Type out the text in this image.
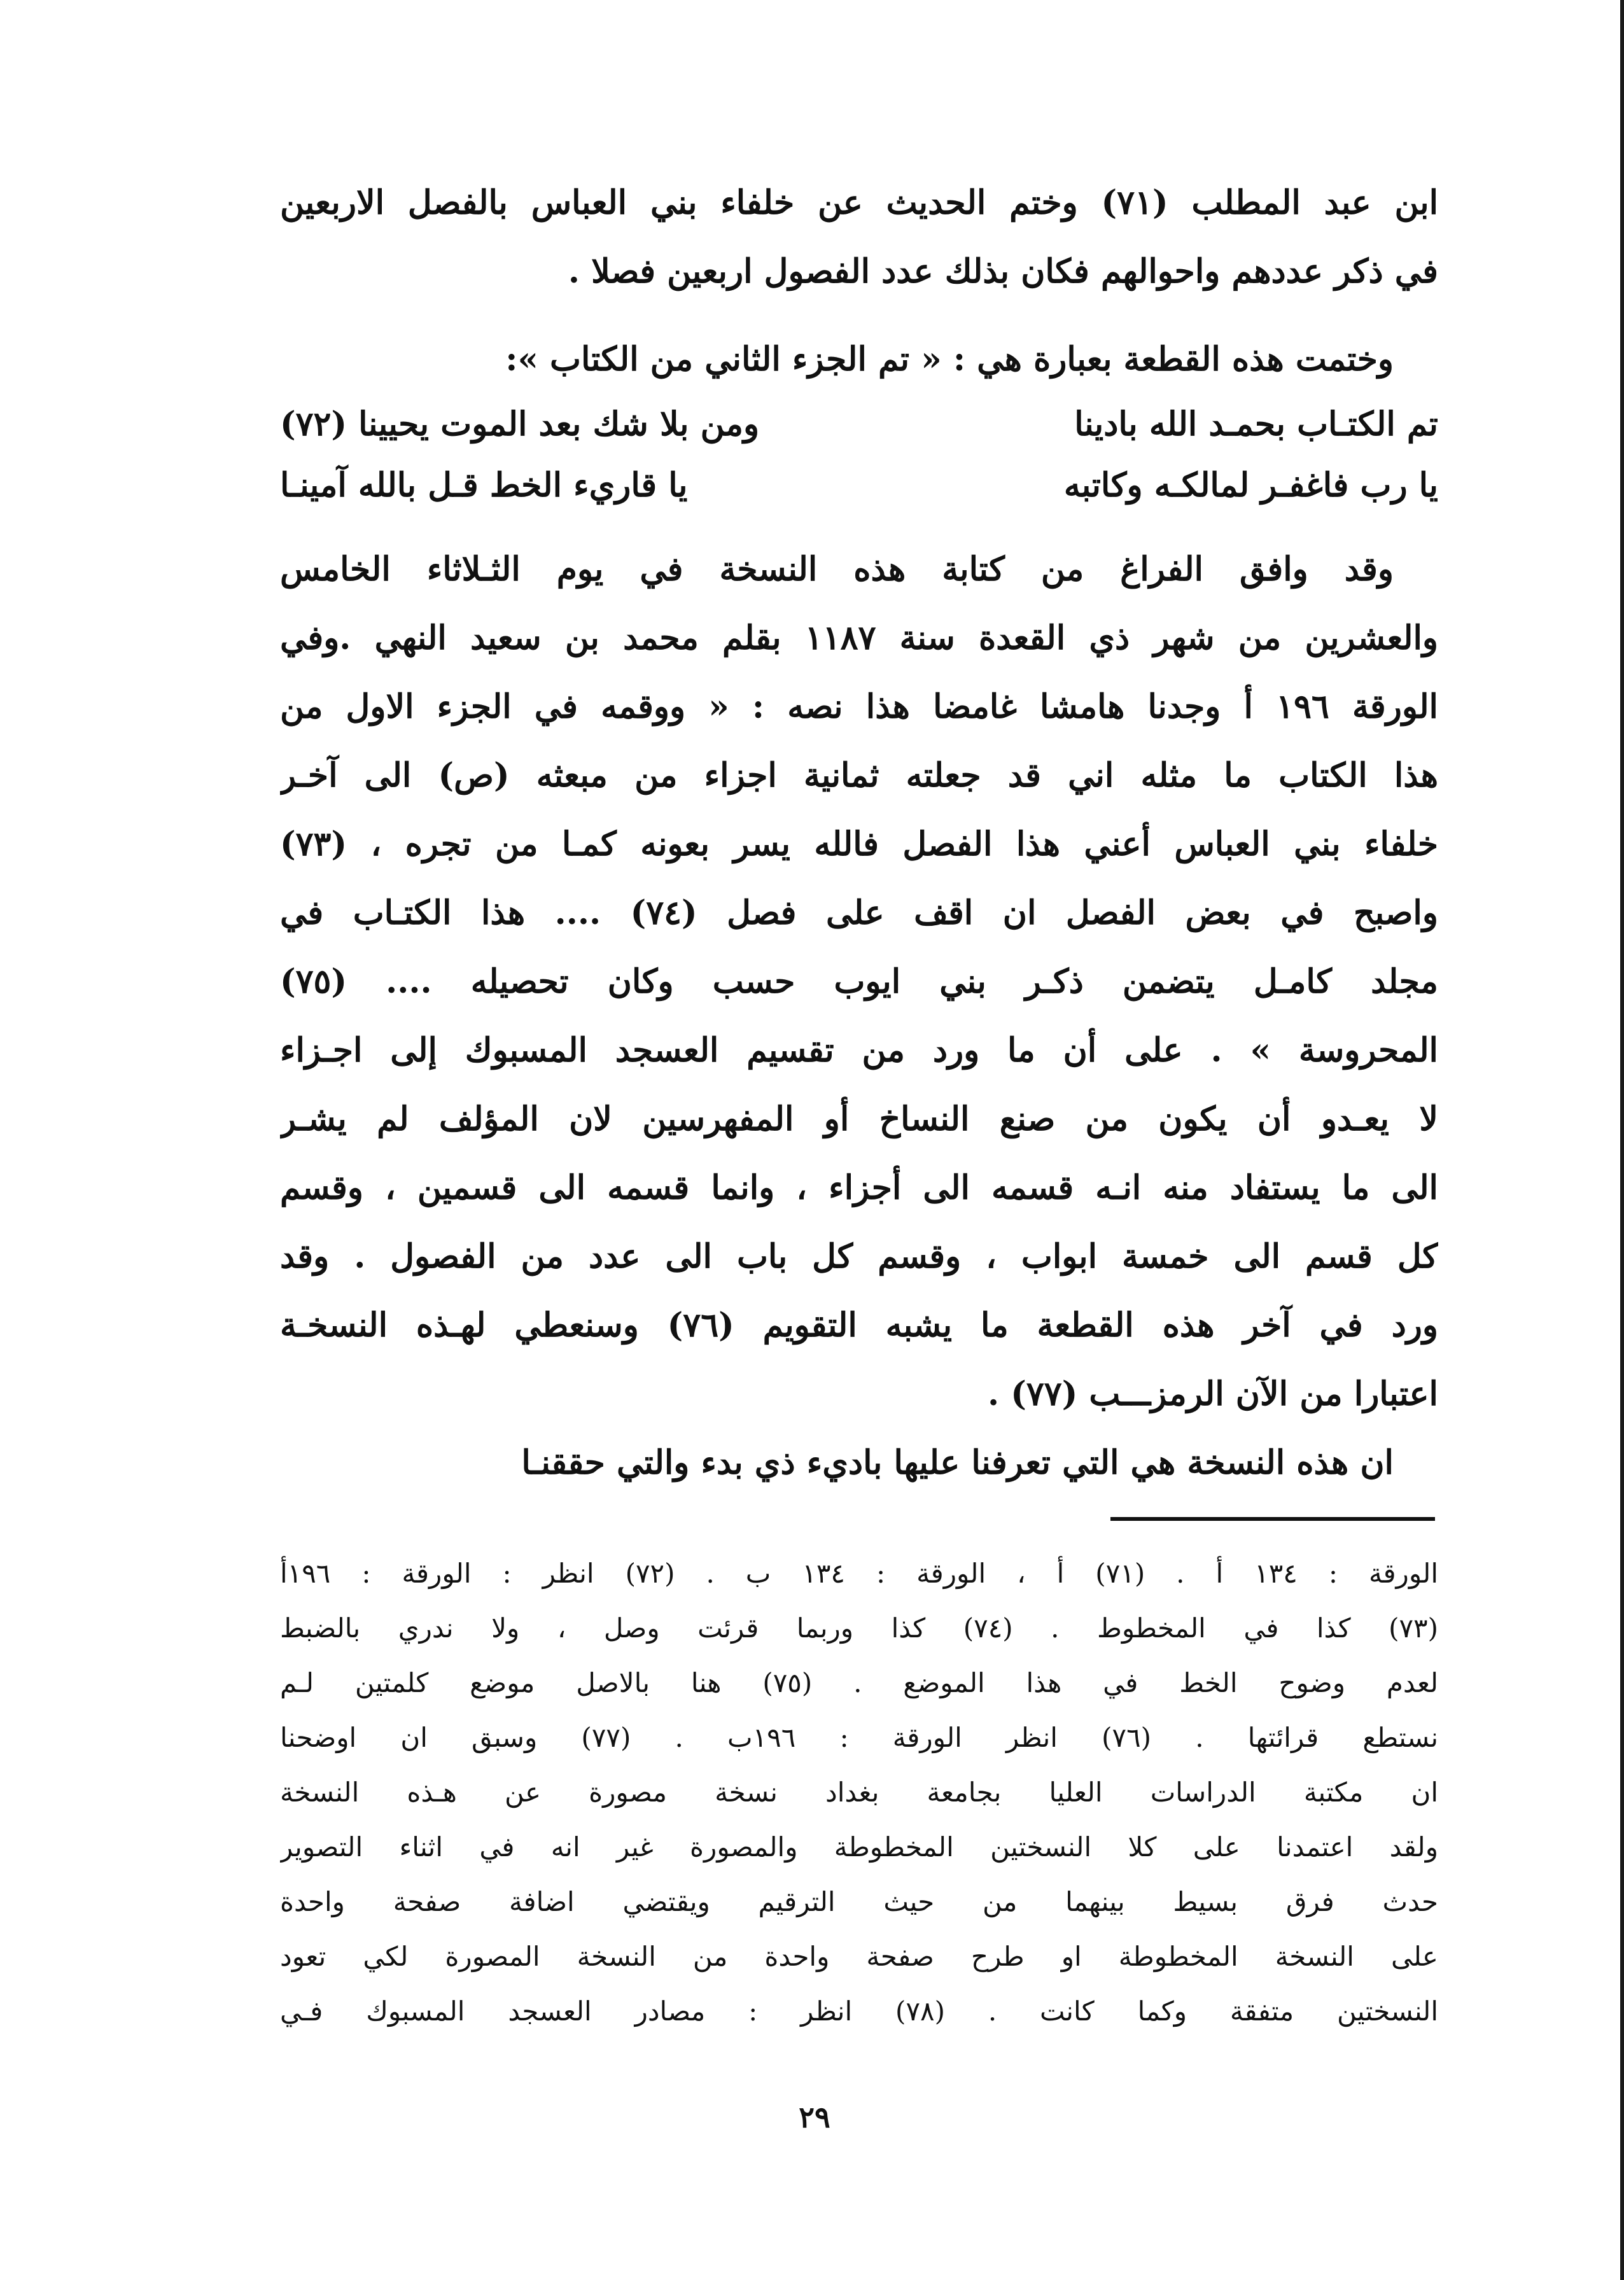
ابن عبد المطلب (٧١) وختم الحديث عن خلفاء بني العباس بالفصل الاربعين
في ذكر عددهم واحوالهم فكان بذلك عدد الفصول اربعين فصلا .
وختمت هذه القطعة بعبارة هي : « تم الجزء الثاني من الكتاب »:
تم الكتـاب بحمـد الله بادينا
ومن بلا شك بعد الموت يحيينا (٧٢)
يا رب فاغفـر لمالكـه وكاتبه
يا قاريء الخط قـل بالله آمينـا
وقد وافق الفراغ من كتابة هذه النسخة في يوم الثـلاثاء الخامس
والعشرين من شهر ذي القعدة سنة ١١٨٧ بقلم محمد بن سعيد النهي .وفي
الورقة ١٩٦ أ وجدنا هامشا غامضا هذا نصه : « ووقمه في الجزء الاول من
هذا الكتاب ما مثله اني قد جعلته ثمانية اجزاء من مبعثه (ص) الى آخـر
خلفاء بني العباس أعني هذا الفصل فالله يسر بعونه كمـا من تجره ، (٧٣)
واصبح في بعض الفصل ان اقف على فصل (٧٤) .... هذا الكتـاب في
مجلد كامـل يتضمن ذكـر بني ايوب حسب وكان تحصيله .... (٧٥)
المحروسة » . على أن ما ورد من تقسيم العسجد المسبوك إلى اجـزاء
لا يعـدو أن يكون من صنع النساخ أو المفهرسين لان المؤلف لم يشـر
الى ما يستفاد منه انـه قسمه الى أجزاء ، وانما قسمه الى قسمين ، وقسم
كل قسم الى خمسة ابواب ، وقسم كل باب الى عدد من الفصول . وقد
ورد في آخر هذه القطعة ما يشبه التقويم (٧٦) وسنعطي لهـذه النسخـة
اعتبارا من الآن الرمزـــب (٧٧) .
ان هذه النسخة هي التي تعرفنا عليها باديء ذي بدء والتي حققنـا
الورقة : ١٣٤ أ . (٧١) أ ، الورقة : ١٣٤ ب . (٧٢) انظر : الورقة : ١٩٦أ
(٧٣) كذا في المخطوط . (٧٤) كذا وربما قرئت وصل ، ولا ندري بالضبط
لعدم وضوح الخط في هذا الموضع . (٧٥) هنا بالاصل موضع كلمتين لـم
نستطع قرائتها . (٧٦) انظر الورقة : ١٩٦ب . (٧٧) وسبق ان اوضحنا
ان مكتبة الدراسات العليا بجامعة بغداد نسخة مصورة عن هـذه النسخة
ولقد اعتمدنا على كلا النسختين المخطوطة والمصورة غير انه في اثناء التصوير
حدث فرق بسيط بينهما من حيث الترقيم ويقتضي اضافة صفحة واحدة
على النسخة المخطوطة او طرح صفحة واحدة من النسخة المصورة لكي تعود
النسختين متفقة وكما كانت . (٧٨) انظر : مصادر العسجد المسبوك فـي
٢٩
